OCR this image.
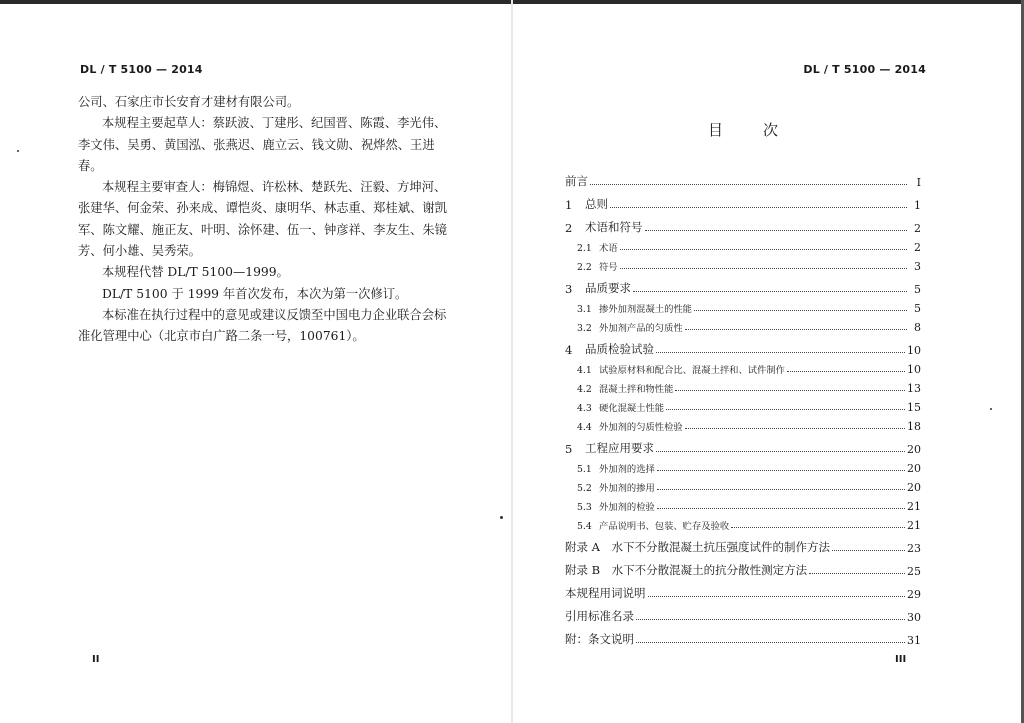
DL / T 5100 — 2014

公司、石家庄市长安育才建材有限公司。

本规程主要起草人：蔡跃波、丁建彤、纪国晋、陈霞、李光伟、李文伟、吴勇、黄国泓、张燕迟、鹿立云、钱文勋、祝烨然、王进春。

本规程主要审查人：梅锦煜、许松林、楚跃先、汪毅、方坤河、张建华、何金荣、孙来成、谭恺炎、康明华、林志重、郑桂斌、谢凯军、陈文耀、施正友、叶明、涂怀建、伍一、钟彦祥、李友生、朱镜芳、何小雄、吴秀荣。

本规程代替 DL/T 5100—1999。

DL/T 5100 于 1999 年首次发布，本次为第一次修订。

本标准在执行过程中的意见或建议反馈至中国电力企业联合会标准化管理中心（北京市白广路二条一号，100761）。

II
DL / T 5100 — 2014
目次
前言	I
1	总则	1
2	术语和符号	2
2.1 术语	2
2.2 符号	3
3	品质要求	5
3.1 掺外加剂混凝土的性能	5
3.2 外加剂产品的匀质性	8
4	品质检验试验	10
4.1 试验原材料和配合比、混凝土拌和、试件制作	10
4.2 混凝土拌和物性能	13
4.3 硬化混凝土性能	15
4.4 外加剂的匀质性检验	18
5	工程应用要求	20
5.1 外加剂的选择	20
5.2 外加剂的掺用	20
5.3 外加剂的检验	21
5.4 产品说明书、包装、贮存及验收	21
附录 A　水下不分散混凝土抗压强度试件的制作方法	23
附录 B　水下不分散混凝土的抗分散性测定方法	25
本规程用词说明	29
引用标准名录	30
附：条文说明	31
III
